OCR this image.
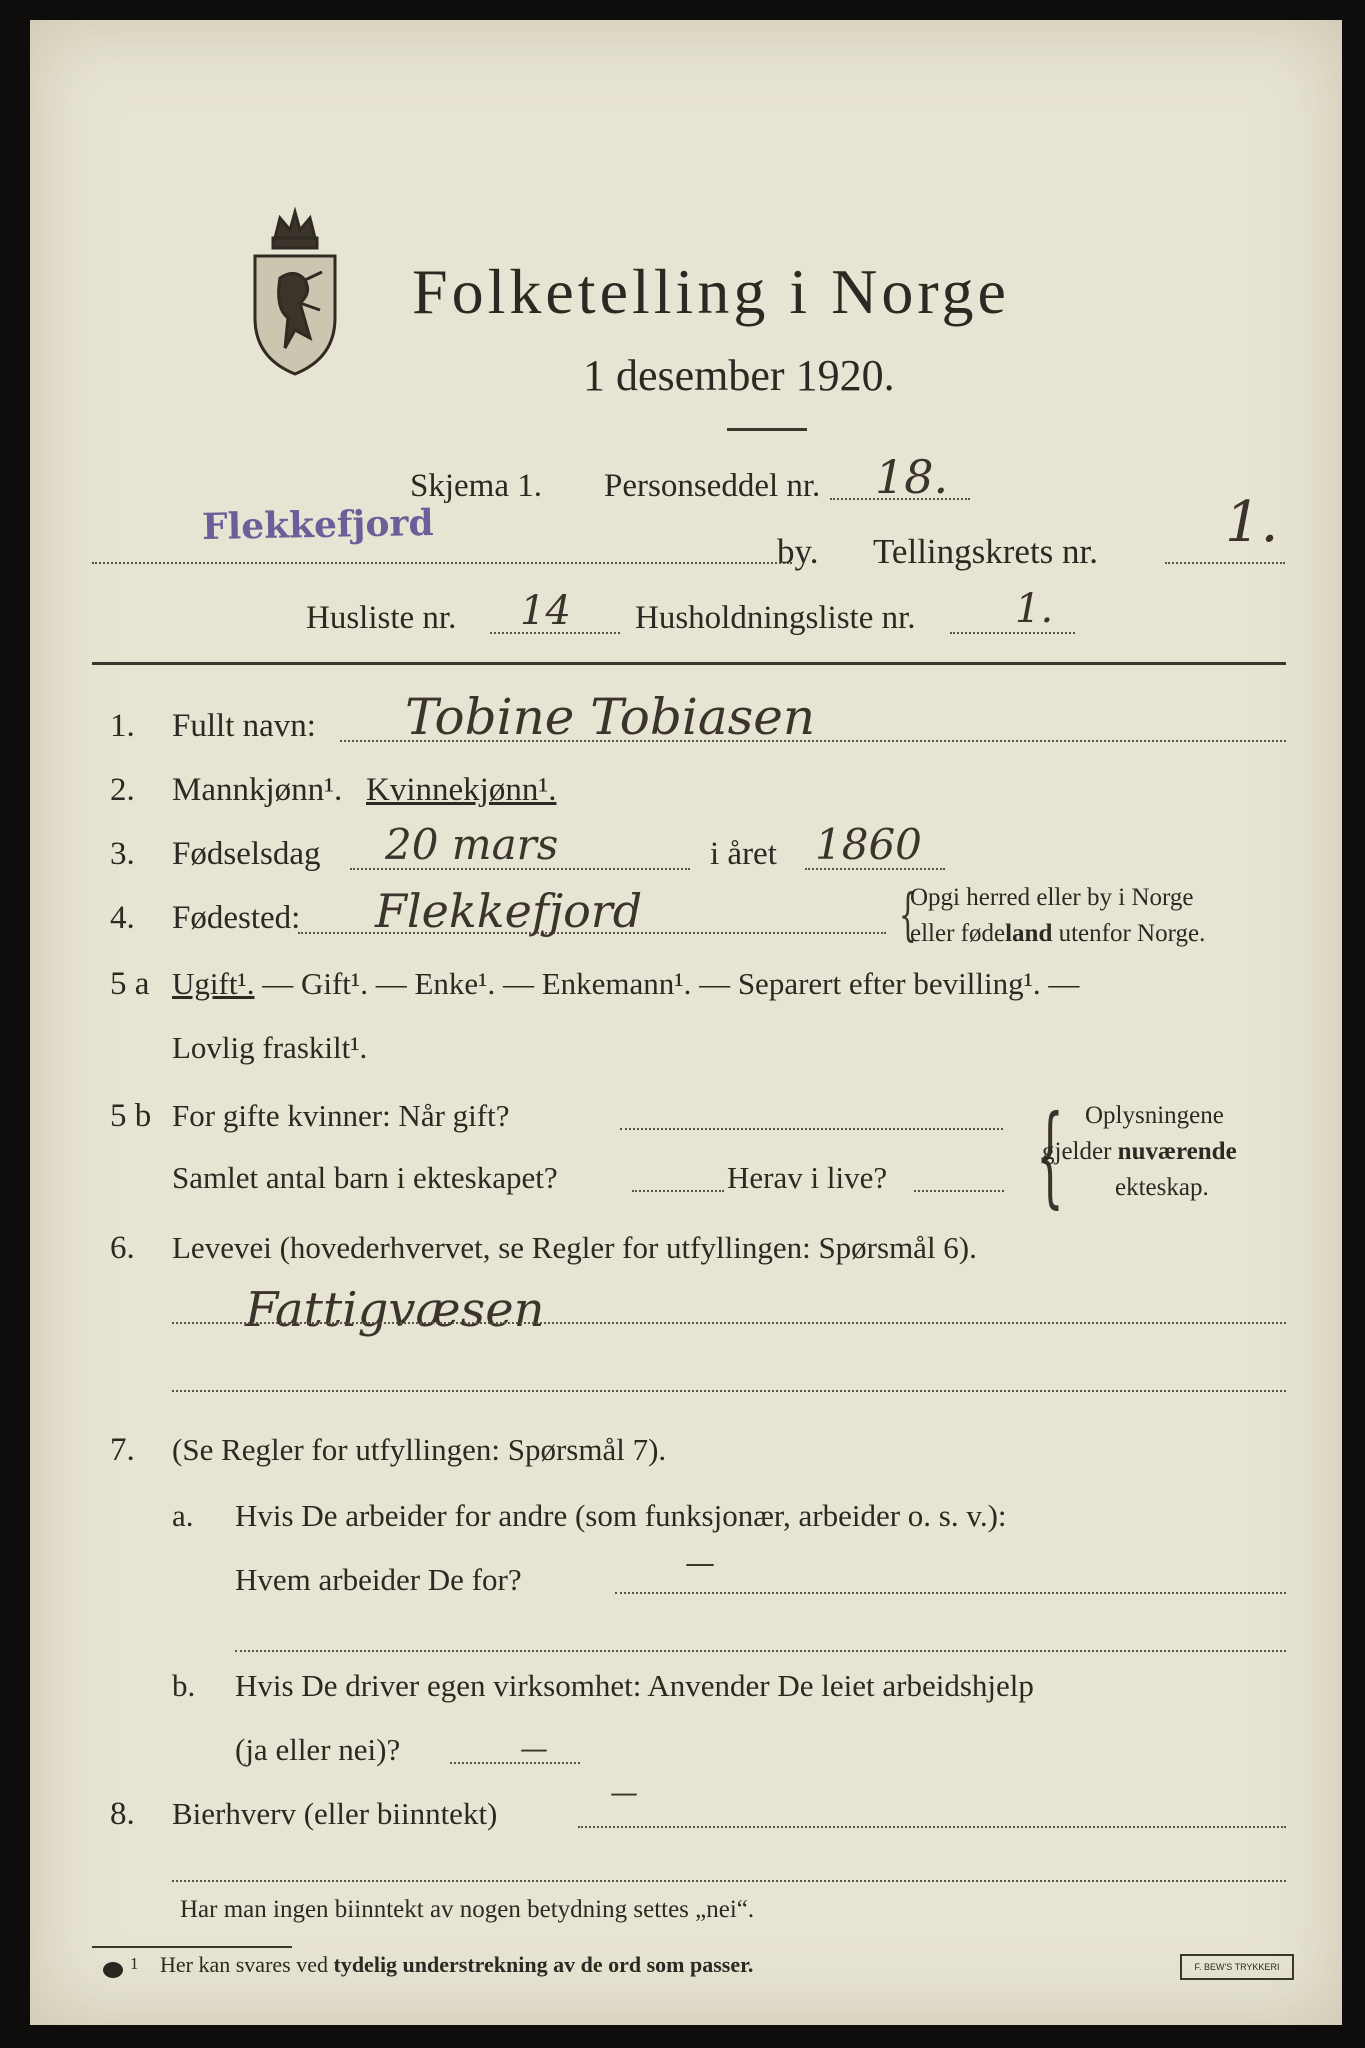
Folketelling i Norge
1 desember 1920.
Skjema 1. Personseddel nr. 18.
Flekkefjord
by. Tellingskrets nr. 1.
Husliste nr. 14 Husholdningsliste nr. 1.
1. Fullt navn: Tobine Tobiasen
2. Mannkjønn¹. Kvinnekjønn¹.
3. Fødselsdag 20 mars	i året 1860
4. Fødested: Flekkefjord	{
Opgi herred eller by i Norge
eller fødeland utenfor Norge.
5 a Ugift¹. — Gift¹. — Enke¹. — Enkemann¹. — Separert efter bevilling¹. —
Lovlig fraskilt¹.
5 b For gifte kvinner: Når gift?
Samlet antal barn i ekteskapet?	Herav i live? { Oplysningene
gjelder nuværende
ekteskap.
6. Levevei (hovederhvervet, se Regler for utfyllingen: Spørsmål 6).
Fattigvæsen
7. (Se Regler for utfyllingen: Spørsmål 7).
a. Hvis De arbeider for andre (som funksjonær, arbeider o. s. v.):
Hvem arbeider De for?	—
b. Hvis De driver egen virksomhet: Anvender De leiet arbeidshjelp
(ja eller nei)?	—
8. Bierhverv (eller biinntekt)
—
Har man ingen biinntekt av nogen betydning settes „nei“.
1 Her kan svares ved tydelig understrekning av de ord som passer.	F. BEW'S TRYKKERI
